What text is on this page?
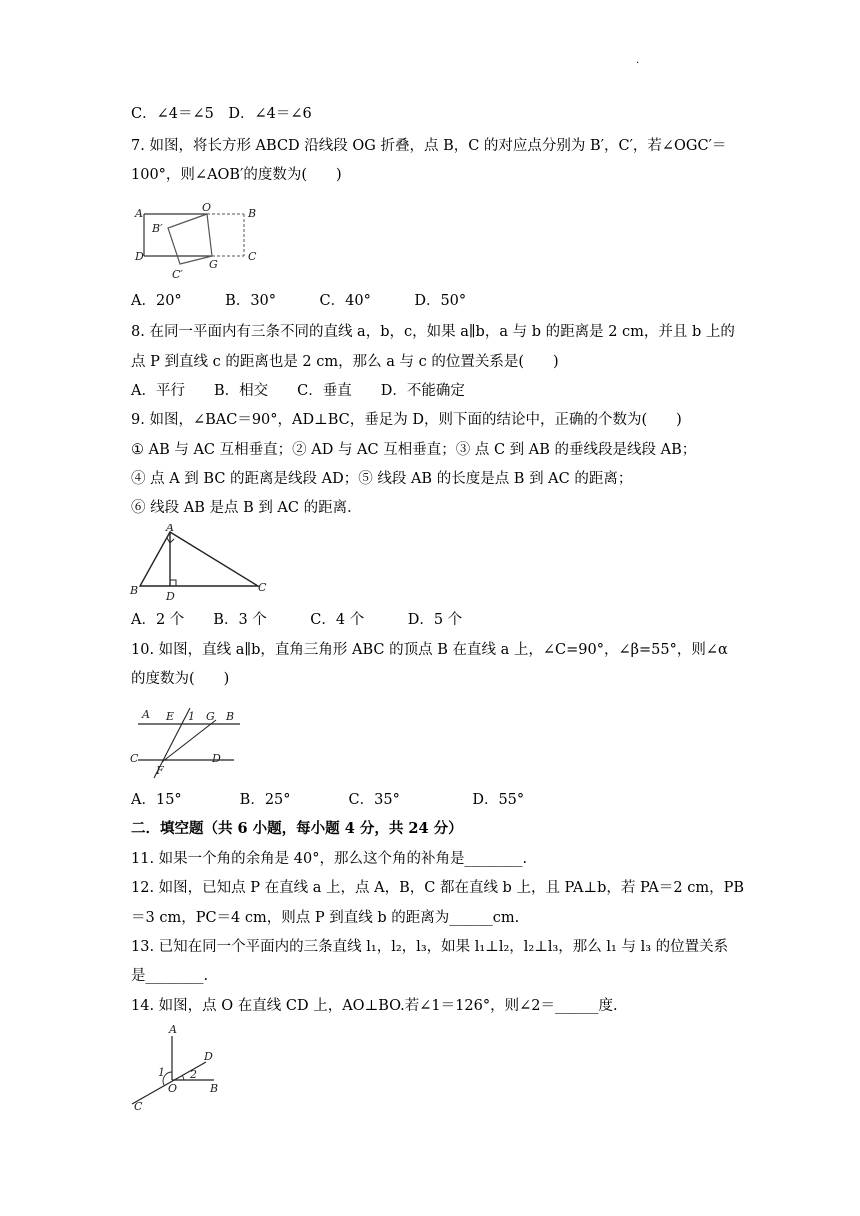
·
C．∠4＝∠5　D．∠4＝∠6
7. 如图，将长方形 ABCD 沿线段 OG 折叠，点 B，C 的对应点分别为 B′，C′，若∠OGC′＝
100°，则∠AOB′的度数为(　　)
A．20°　　　B．30°　　　C．40°　　　D．50°
8. 在同一平面内有三条不同的直线 a，b，c，如果 a∥b，a 与 b 的距离是 2 cm，并且 b 上的
点 P 到直线 c 的距离也是 2 cm，那么 a 与 c 的位置关系是(　　)
A．平行　　B．相交　　C．垂直　　D．不能确定
9. 如图，∠BAC＝90°，AD⊥BC，垂足为 D，则下面的结论中，正确的个数为(　　)
① AB 与 AC 互相垂直；② AD 与 AC 互相垂直；③ 点 C 到 AB 的垂线段是线段 AB；
④ 点 A 到 BC 的距离是线段 AD；⑤ 线段 AB 的长度是点 B 到 AC 的距离；
⑥ 线段 AB 是点 B 到 AC 的距离．
A．2 个　　B．3 个　　　C．4 个　　　D．5 个
10. 如图，直线 a∥b，直角三角形 ABC 的顶点 B 在直线 a 上，∠C=90°，∠β=55°，则∠α
的度数为(　　)
A．15°　　　　B．25°　　　　C．35°　　　　　D．55°
二．填空题（共 6 小题，每小题 4 分，共 24 分）
11. 如果一个角的余角是 40°，那么这个角的补角是________.
12. 如图，已知点 P 在直线 a 上，点 A，B，C 都在直线 b 上，且 PA⊥b，若 PA＝2 cm，PB
＝3 cm，PC＝4 cm，则点 P 到直线 b 的距离为______cm.
13. 已知在同一个平面内的三条直线 l₁，l₂，l₃，如果 l₁⊥l₂，l₂⊥l₃，那么 l₁ 与 l₃ 的位置关系
是________.
14. 如图，点 O 在直线 CD 上，AO⊥BO.若∠1＝126°，则∠2＝______度.
A	O	B
B′
D
G
C
C′
A
B	D
C
A E 1 G B
C
F
D
A
D
1 2
O	B
C
